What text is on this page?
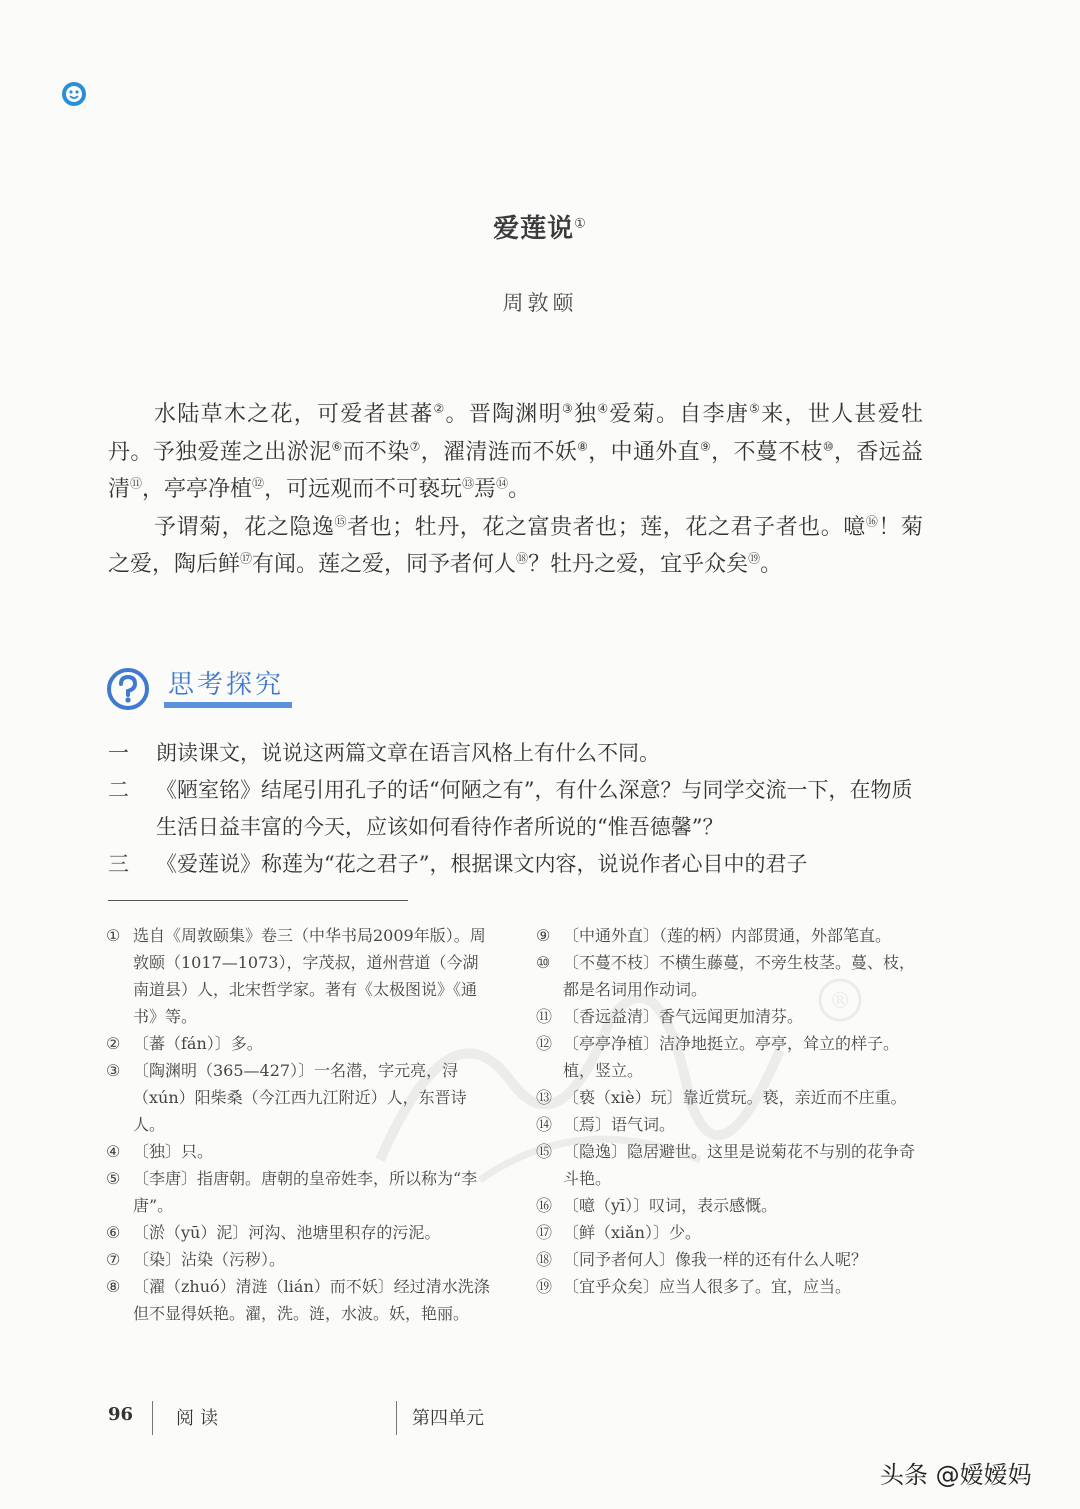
爱莲说①
周敦颐

水陆草木之花，可爱者甚蕃②。晋陶渊明③独④爱菊。自李唐⑤来，世人甚爱牡丹。予独爱莲之出淤泥⑥而不染⑦，濯清涟而不妖⑧，中通外直⑨，不蔓不枝⑩，香远益清⑪，亭亭净植⑫，可远观而不可亵玩⑬焉⑭。

予谓菊，花之隐逸⑮者也；牡丹，花之富贵者也；莲，花之君子者也。噫⑯！菊之爱，陶后鲜⑰有闻。莲之爱，同予者何人⑱？牡丹之爱，宜乎众矣⑲。

思考探究
一 朗读课文，说说这两篇文章在语言风格上有什么不同。
二 《陋室铭》结尾引用孔子的话“何陋之有”，有什么深意？与同学交流一下，在物质生活日益丰富的今天，应该如何看待作者所说的“惟吾德馨”？
三 《爱莲说》称莲为“花之君子”，根据课文内容，说说作者心目中的君子
① 选自《周敦颐集》卷三（中华书局2009年版）。周敦颐（1017—1073），字茂叔，道州营道（今湖南道县）人，北宋哲学家。著有《太极图说》《通书》等。
② 〔蕃（fán）〕多。
③ 〔陶渊明（365—427）〕一名潜，字元亮，浔（xún）阳柴桑（今江西九江附近）人，东晋诗人。
④ 〔独〕只。
⑤ 〔李唐〕指唐朝。唐朝的皇帝姓李，所以称为“李唐”。
⑥ 〔淤（yū）泥〕河沟、池塘里积存的污泥。
⑦ 〔染〕沾染（污秽）。
⑧ 〔濯（zhuó）清涟（lián）而不妖〕经过清水洗涤但不显得妖艳。濯，洗。涟，水波。妖，艳丽。
⑨ 〔中通外直〕（莲的柄）内部贯通，外部笔直。
⑩ 〔不蔓不枝〕不横生藤蔓，不旁生枝茎。蔓、枝，都是名词用作动词。
⑪ 〔香远益清〕香气远闻更加清芬。
⑫ 〔亭亭净植〕洁净地挺立。亭亭，耸立的样子。植，竖立。
⑬ 〔亵（xiè）玩〕靠近赏玩。亵，亲近而不庄重。
⑭ 〔焉〕语气词。
⑮ 〔隐逸〕隐居避世。这里是说菊花不与别的花争奇斗艳。
⑯ 〔噫（yī）〕叹词，表示感慨。
⑰ 〔鲜（xiǎn）〕少。
⑱ 〔同予者何人〕像我一样的还有什么人呢？
⑲ 〔宜乎众矣〕应当人很多了。宜，应当。
®
96 阅读	第四单元
头条 @嫒嫒妈
